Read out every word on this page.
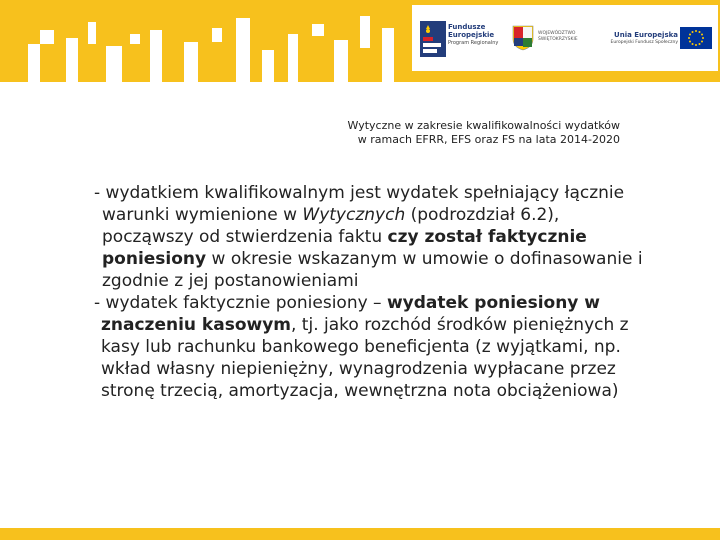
Fundusze
Europejskie
Program Regionalny
WOJEWÓDZTWO
ŚWIĘTOKRZYSKIE
Unia Europejska
Europejski Fundusz Społeczny
Wytyczne w zakresie kwalifikowalności wydatków
w ramach EFRR, EFS oraz FS na lata 2014-2020
- wydatkiem kwalifikowalnym jest wydatek spełniający łącznie warunki wymienione w Wytycznych (podrozdział 6.2), począwszy od stwierdzenia faktu czy został faktycznie poniesiony w okresie wskazanym w umowie o dofinasowanie i zgodnie z jej postanowieniami
- wydatek faktycznie poniesiony – wydatek poniesiony w znaczeniu kasowym, tj. jako rozchód środków pieniężnych z kasy lub rachunku bankowego beneficjenta (z wyjątkami, np. wkład własny niepieniężny, wynagrodzenia wypłacane przez stronę trzecią, amortyzacja, wewnętrzna nota obciążeniowa)
